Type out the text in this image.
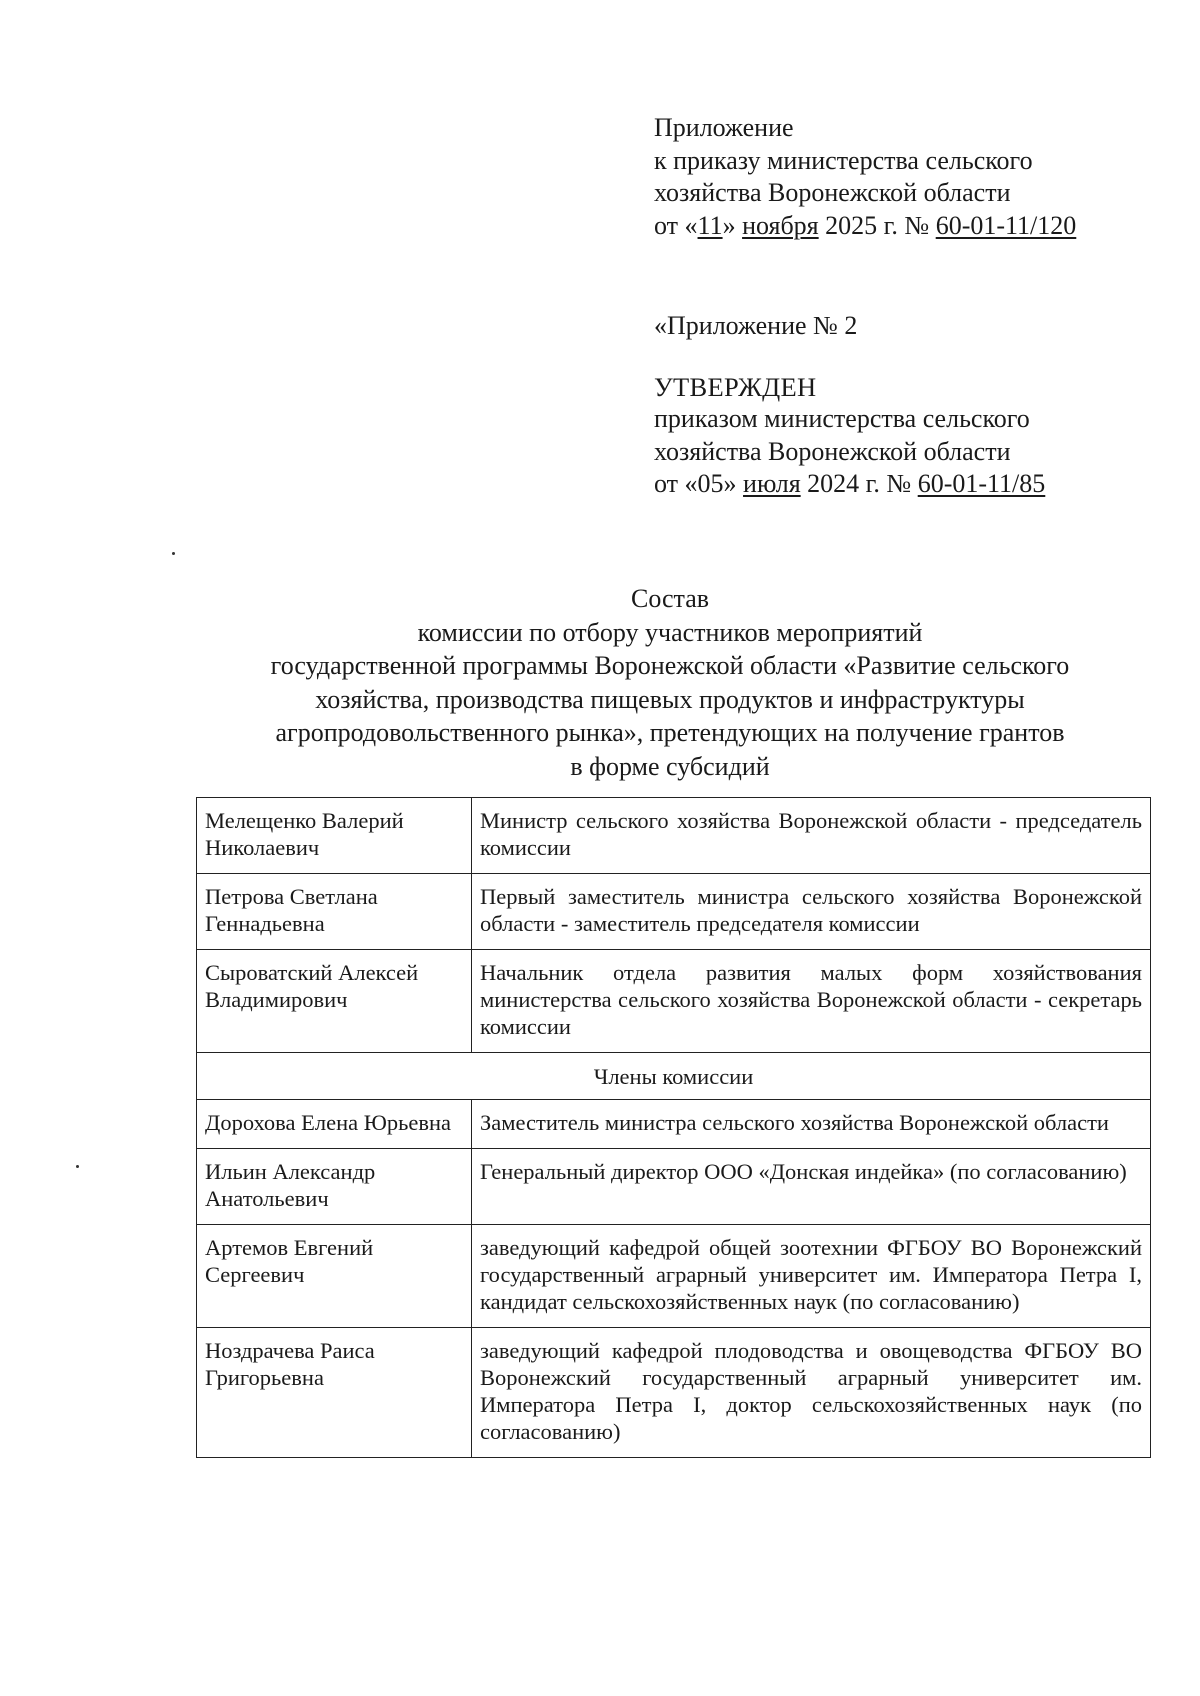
Приложение
к приказу министерства сельского
хозяйства Воронежской области
от «11» ноября 2025 г. № 60-01-11/120
«Приложение № 2
УТВЕРЖДЕН
приказом министерства сельского
хозяйства Воронежской области
от «05» июля 2024 г. № 60-01-11/85
Состав
комиссии по отбору участников мероприятий
государственной программы Воронежской области «Развитие сельского
хозяйства, производства пищевых продуктов и инфраструктуры
агропродовольственного рынка», претендующих на получение грантов
в форме субсидий
Мелещенко Валерий Николаевич	Министр сельского хозяйства Воронежской области - председатель комиссии
Петрова Светлана Геннадьевна	Первый заместитель министра сельского хозяйства Воронежской области - заместитель председателя комиссии
Сыроватский Алексей Владимирович	Начальник отдела развития малых форм хозяйствования министерства сельского хозяйства Воронежской области - секретарь комиссии
Члены комиссии	
Дорохова Елена Юрьевна	Заместитель министра сельского хозяйства Воронежской области
Ильин Александр Анатольевич	Генеральный директор ООО «Донская индейка» (по согласованию)
Артемов Евгений Сергеевич	заведующий кафедрой общей зоотехнии ФГБОУ ВО Воронежский государственный аграрный университет им. Императора Петра I, кандидат сельскохозяйственных наук (по согласованию)
Ноздрачева Раиса Григорьевна	заведующий кафедрой плодоводства и овощеводства ФГБОУ ВО Воронежский государственный аграрный университет им. Императора Петра I, доктор сельскохозяйственных наук (по согласованию)
